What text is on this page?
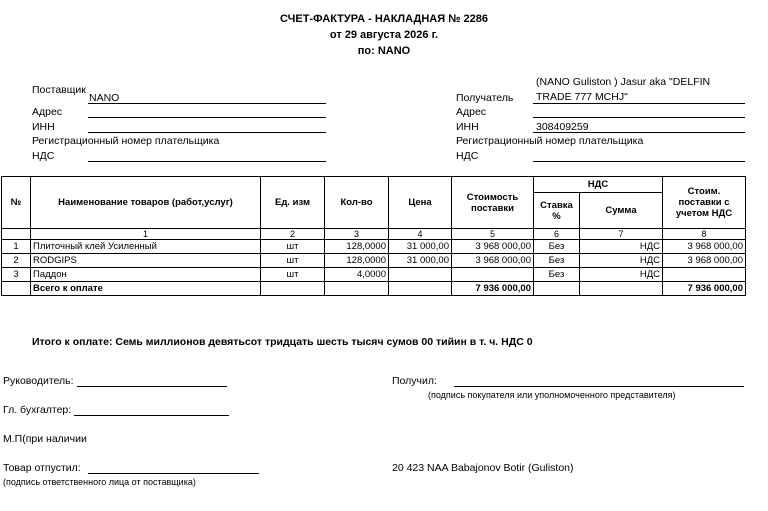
СЧЕТ-ФАКТУРА - НАКЛАДНАЯ № 2286
от 29 августа 2026 г.
по: NANO
Поставщик
NANO
Адрес
ИНН
Регистрационный номер плательщика
НДС
(NANO Guliston ) Jasur aka "DELFIN
Получатель TRADE 777 MCHJ"
Адрес
ИНН	308409259
Регистрационный номер плательщика
НДС
№	Наименование товаров (работ,услуг)	Ед. изм	Кол-во	Цена	Стоимость поставки	НДС		Стоим. поставки с учетом НДС
						Ставка %	Сумма	
	1	2	3	4	5	6	7	8
1	Плиточный клей Усиленный	шт	128,0000	31 000,00	3 968 000,00	Без	НДС	3 968 000,00
2	RODGIPS	шт	128,0000	31 000,00	3 968 000,00	Без	НДС	3 968 000,00
3	Паддон	шт	4,0000			Без	НДС	
	Всего к оплате				7 936 000,00			7 936 000,00
Итого к оплате: Семь миллионов девятьсот тридцать шесть тысяч сумов 00 тийин в т. ч. НДС 0
Руководитель:	Получил:
(подпись покупателя или уполномоченного представителя)
Гл. бухгалтер:
М.П(при наличии
Товар отпустил:
(подпись ответственного лица от поставщика)
20 423 NAA Babajonov Botir (Guliston)
